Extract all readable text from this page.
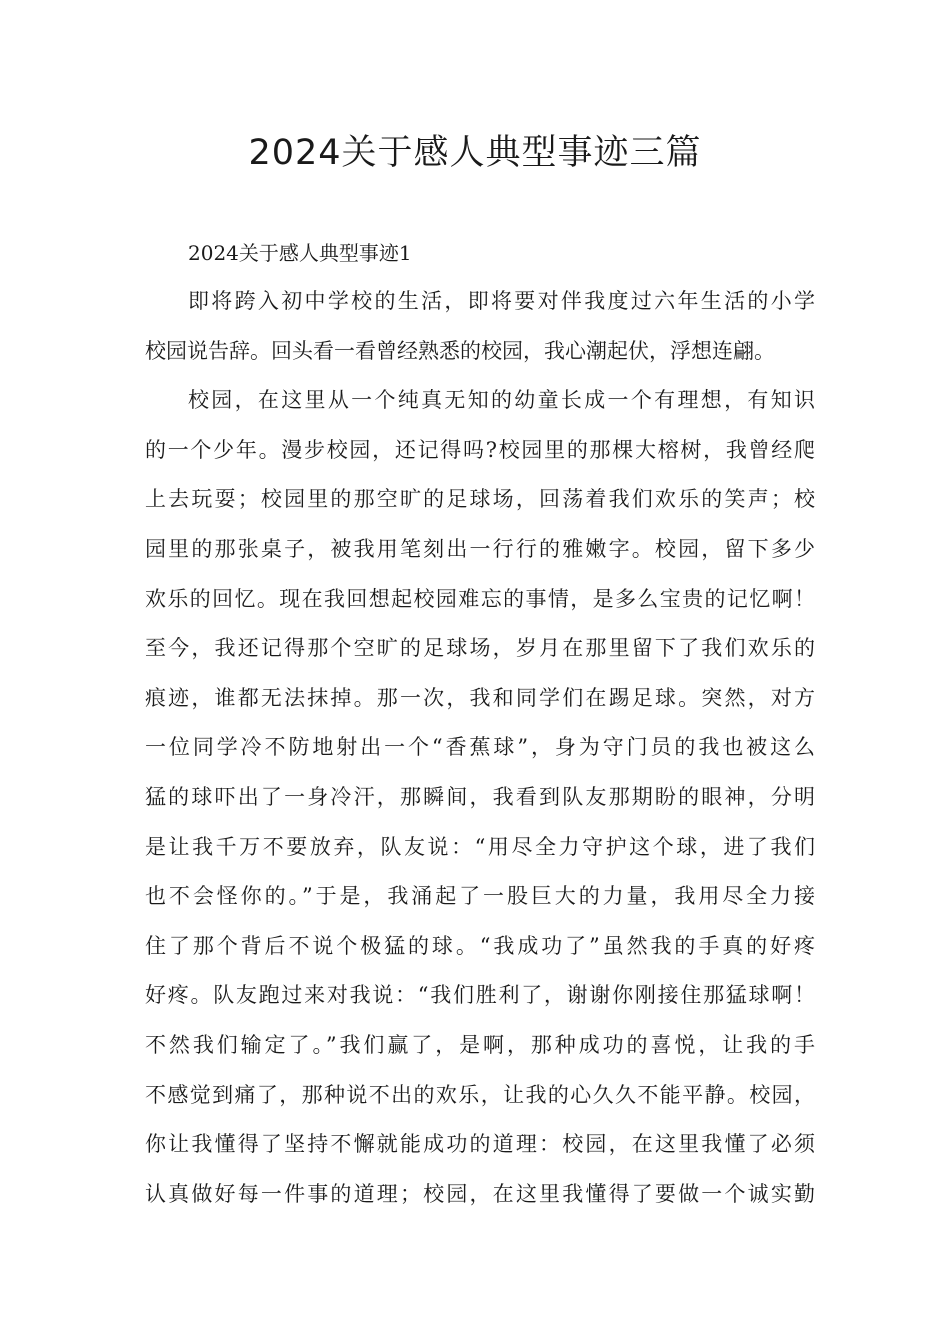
2024关于感人典型事迹三篇

2024关于感人典型事迹1

即将跨入初中学校的生活，即将要对伴我度过六年生活的小学

校园说告辞。回头看一看曾经熟悉的校园，我心潮起伏，浮想连翩。

校园，在这里从一个纯真无知的幼童长成一个有理想，有知识

的一个少年。漫步校园，还记得吗?校园里的那棵大榕树，我曾经爬

上去玩耍；校园里的那空旷的足球场，回荡着我们欢乐的笑声；校

园里的那张桌子，被我用笔刻出一行行的雅嫩字。校园，留下多少

欢乐的回忆。现在我回想起校园难忘的事情，是多么宝贵的记忆啊！

至今，我还记得那个空旷的足球场，岁月在那里留下了我们欢乐的

痕迹，谁都无法抹掉。那一次，我和同学们在踢足球。突然，对方

一位同学冷不防地射出一个“香蕉球”，身为守门员的我也被这么

猛的球吓出了一身冷汗，那瞬间，我看到队友那期盼的眼神，分明

是让我千万不要放弃，队友说：“用尽全力守护这个球，进了我们

也不会怪你的。”于是，我涌起了一股巨大的力量，我用尽全力接

住了那个背后不说个极猛的球。“我成功了”虽然我的手真的好疼

好疼。队友跑过来对我说：“我们胜利了，谢谢你刚接住那猛球啊！

不然我们输定了。”我们赢了，是啊，那种成功的喜悦，让我的手

不感觉到痛了，那种说不出的欢乐，让我的心久久不能平静。校园，

你让我懂得了坚持不懈就能成功的道理：校园，在这里我懂了必须

认真做好每一件事的道理；校园，在这里我懂得了要做一个诚实勤
